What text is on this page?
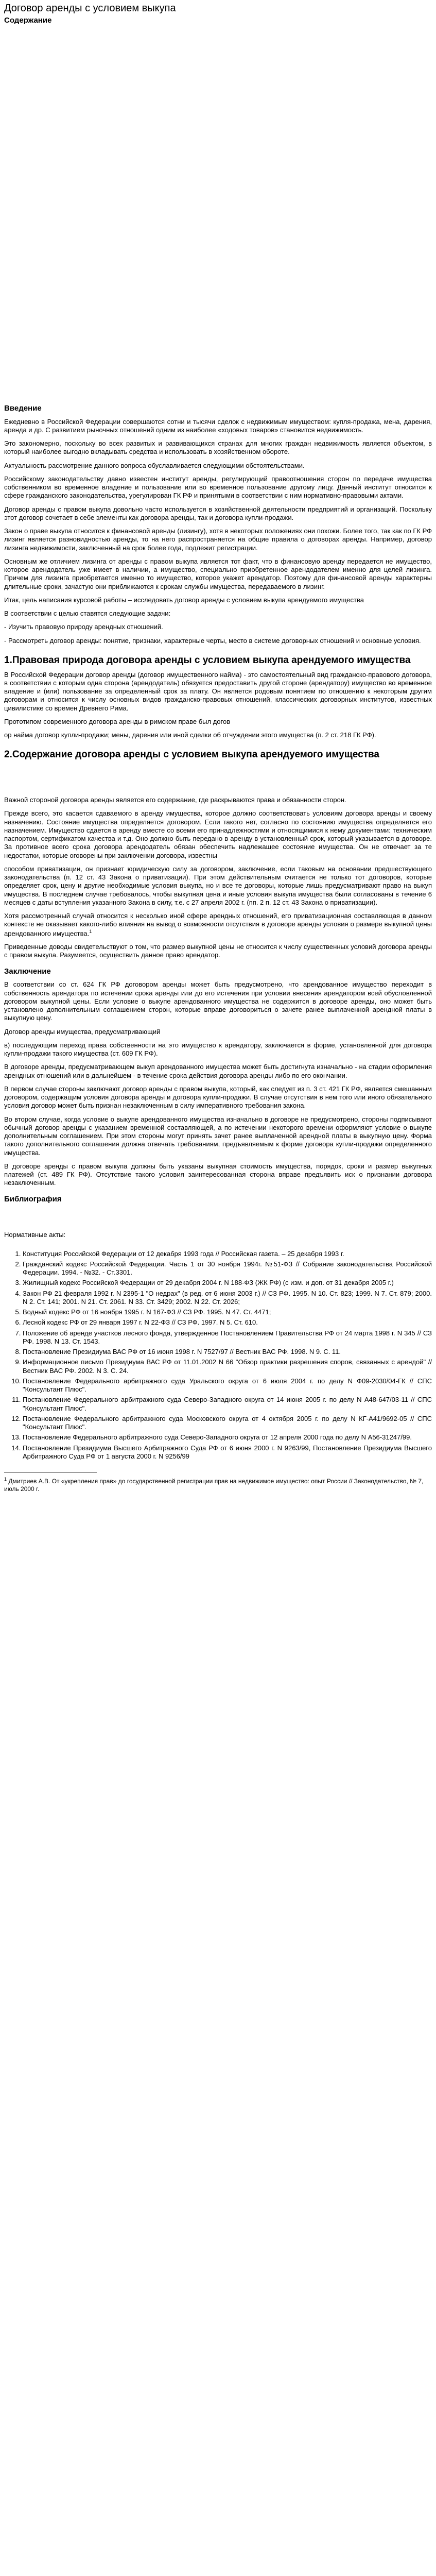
Договор аренды с условием выкупа
Содержание
Введение

Ежедневно в Российской Федерации совершаются сотни и тысячи сделок с недвижимым имуществом: купля-продажа, мена, дарения, аренда и др. С развитием рыночных отношений одним из наиболее «ходовых товаров» становится недвижимость.

Это закономерно, поскольку во всех развитых и развивающихся странах для многих граждан недвижимость является объектом, в который наиболее выгодно вкладывать средства и использовать в хозяйственном обороте.

Актуальность рассмотрение данного вопроса обуславливается следующими обстоятельствами.

Российскому законодательству давно известен институт аренды, регулирующий правоотношения сторон по передаче имущества собственником во временное владение и пользование или во временное пользование другому лицу. Данный институт относится к сфере гражданского законодательства, урегулирован ГК РФ и принятыми в соответствии с ним нормативно-правовыми актами.

Договор аренды с правом выкупа довольно часто используется в хозяйственной деятельности предприятий и организаций. Поскольку этот договор сочетает в себе элементы как договора аренды, так и договора купли-продажи.

Закон о праве выкупа относится к финансовой аренды (лизингу), хотя в некоторых положениях они похожи. Более того, так как по ГК РФ лизинг является разновидностью аренды, то на него распространяется на общие правила о договорах аренды. Например, договор лизинга недвижимости, заключенный на срок более года, подлежит регистрации.

Основным же отличием лизинга от аренды с правом выкупа является тот факт, что в финансовую аренду передается не имущество, которое арендодатель уже имеет в наличии, а имущество, специально приобретенное арендодателем именно для целей лизинга. Причем для лизинга приобретается именно то имущество, которое укажет арендатор. Поэтому для финансовой аренды характерны длительные сроки, зачастую они приближаются к срокам службы имущества, передаваемого в лизинг.

Итак, цель написания курсовой работы – исследовать договор аренды с условием выкупа арендуемого имущества

В соответствии с целью ставятся следующие задачи:

- Изучить правовую природу арендных отношений.

- Рассмотреть договор аренды: понятие, признаки, характерные черты, место в системе договорных отношений и основные условия.

1.Правовая природа договора аренды с условием выкупа арендуемого имущества

В Российской Федерации договор аренды (договор имущественного найма) - это самостоятельный вид гражданско-правового договора, в соответствии с которым одна сторона (арендодатель) обязуется предоставить другой стороне (арендатору) имущество во временное владение и (или) пользование за определенный срок за плату. Он является родовым понятием по отношению к некоторым другим договорам и относится к числу основных видов гражданско-правовых отношений, классических договорных институтов, известных цивилистике со времен Древнего Рима.

Прототипом современного договора аренды в римском праве был догов

ор найма договор купли-продажи; мены, дарения или иной сделки об отчуждении этого имущества (п. 2 ст. 218 ГК РФ).

2.Содержание договора аренды с условием выкупа арендуемого имущества

Важной стороной договора аренды является его содержание, где раскрываются права и обязанности сторон.

Прежде всего, это касается сдаваемого в аренду имущества, которое должно соответствовать условиям договора аренды и своему назначению. Состояние имущества определяется договором. Если такого нет, согласно по состоянию имущества определяется его назначением. Имущество сдается в аренду вместе со всеми его принадлежностями и относящимися к нему документами: техническим паспортом, сертификатом качества и т.д. Оно должно быть передано в аренду в установленный срок, который указывается в договоре. За противное всего срока договора арендодатель обязан обеспечить надлежащее состояние имущества. Он не отвечает за те недостатки, которые оговорены при заключении договора, известны

способом приватизации, он признает юридическую силу за договором, заключение, если таковым на основании предшествующего законодательства (п. 12 ст. 43 Закона о приватизации). При этом действительным считается не только тот договоров, которые определяет срок, цену и другие необходимые условия выкупа, но и все те договоры, которые лишь предусматривают право на выкуп имущества. В последнем случае требовалось, чтобы выкупная цена и иные условия выкупа имущества были согласованы в течение 6 месяцев с даты вступления указанного Закона в силу, т.е. с 27 апреля 2002 г. (пп. 2 п. 12 ст. 43 Закона о приватизации).

Хотя рассмотренный случай относится к несколько иной сфере арендных отношений, его приватизационная составляющая в данном контексте не оказывает какого-либо влияния на вывод о возможности отсутствия в договоре аренды условия о размере выкупной цены арендованного имущества.$^1$

Приведенные доводы свидетельствуют о том, что размер выкупной цены не относится к числу существенных условий договора аренды с правом выкупа. Разумеется, осуществить данное право арендатор.

Заключение

В соответствии со ст. 624 ГК РФ договором аренды может быть предусмотрено, что арендованное имущество переходит в собственность арендатора по истечении срока аренды или до его истечения при условии внесения арендатором всей обусловленной договором выкупной цены. Если условие о выкупе арендованного имущества не содержится в договоре аренды, оно может быть установлено дополнительным соглашением сторон, которые вправе договориться о зачете ранее выплаченной арендной платы в выкупную цену.

Договор аренды имущества, предусматривающий

в) последующим переход права собственности на это имущество к арендатору, заключается в форме, установленной для договора купли-продажи такого имущества (ст. 609 ГК РФ).

В договоре аренды, предусматривающем выкуп арендованного имущества может быть достигнута изначально - на стадии оформления арендных отношений или в дальнейшем - в течение срока действия договора аренды либо по его окончании.

В первом случае стороны заключают договор аренды с правом выкупа, который, как следует из п. 3 ст. 421 ГК РФ, является смешанным договором, содержащим условия договора аренды и договора купли-продажи. В случае отсутствия в нем того или иного обязательного условия договор может быть признан незаключенным в силу императивного требования закона.

Во втором случае, когда условие о выкупе арендованного имущества изначально в договоре не предусмотрено, стороны подписывают обычный договор аренды с указанием временной составляющей, а по истечении некоторого времени оформляют условие о выкупе дополнительным соглашением. При этом стороны могут принять зачет ранее выплаченной арендной платы в выкупную цену. Форма такого дополнительного соглашения должна отвечать требованиям, предъявляемым к форме договора купли-продажи определенного имущества.

В договоре аренды с правом выкупа должны быть указаны выкупная стоимость имущества, порядок, сроки и размер выкупных платежей (ст. 489 ГК РФ). Отсутствие такого условия заинтересованная сторона вправе предъявить иск о признании договора незаключенным.

Библиография
Нормативные акты:
1. Конституция Российской Федерации от 12 декабря 1993 года // Российская газета. – 25 декабря 1993 г.
2. Гражданский кодекс Российской Федерации. Часть 1 от 30 ноября 1994г. №51-ФЗ // Собрание законодательства Российской Федерации. 1994. - №32. - Ст.3301.
3. Жилищный кодекс Российской Федерации от 29 декабря 2004 г. N 188-ФЗ (ЖК РФ) (с изм. и доп. от 31 декабря 2005 г.)
4. Закон РФ 21 февраля 1992 г. N 2395-1 "О недрах" (в ред. от 6 июня 2003 г.) // СЗ РФ. 1995. N 10. Ст. 823; 1999. N 7. Ст. 879; 2000. N 2. Ст. 141; 2001. N 21. Ст. 2061. N 33. Ст. 3429; 2002. N 22. Ст. 2026;
5. Водный кодекс РФ от 16 ноября 1995 г. N 167-ФЗ // СЗ РФ. 1995. N 47. Ст. 4471;
6. Лесной кодекс РФ от 29 января 1997 г. N 22-ФЗ // СЗ РФ. 1997. N 5. Ст. 610.
7. Положение об аренде участков лесного фонда, утвержденное Постановлением Правительства РФ от 24 марта 1998 г. N 345 // СЗ РФ. 1998. N 13. Ст. 1543.
8. Постановление Президиума ВАС РФ от 16 июня 1998 г. N 7527/97 // Вестник ВАС РФ. 1998. N 9. С. 11.
9. Информационное письмо Президиума ВАС РФ от 11.01.2002 N 66 "Обзор практики разрешения споров, связанных с арендой" // Вестник ВАС РФ. 2002. N 3. С. 24.
10. Постановление Федерального арбитражного суда Уральского округа от 6 июля 2004 г. по делу N Ф09-2030/04-ГК // СПС "Консультант Плюс".
11. Постановление Федерального арбитражного суда Северо-Западного округа от 14 июня 2005 г. по делу N А48-647/03-11 // СПС "Консультант Плюс".
12. Постановление Федерального арбитражного суда Московского округа от 4 октября 2005 г. по делу N КГ-А41/9692-05 // СПС "Консультант Плюс".
13. Постановление Федерального арбитражного суда Северо-Западного округа от 12 апреля 2000 года по делу N А56-31247/99.
14. Постановление Президиума Высшего Арбитражного Суда РФ от 6 июня 2000 г. N 9263/99, Постановление Президиума Высшего Арбитражного Суда РФ от 1 августа 2000 г. N 9256/99

$^1$ Дмитриев А.В. От «укрепления прав» до государственной регистрации прав на недвижимое имущество: опыт России // Законодательство, № 7, июль 2000 г.
